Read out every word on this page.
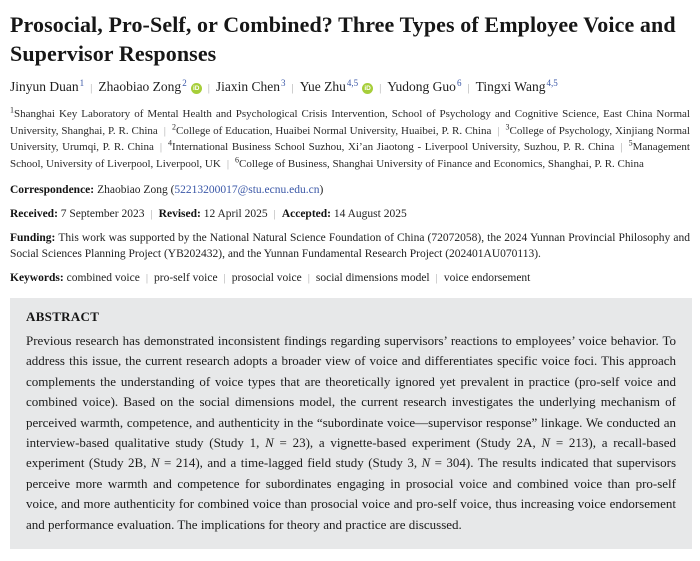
Prosocial, Pro-Self, or Combined? Three Types of Employee Voice and Supervisor Responses
Jinyun Duan$^1$ | Zhaobiao Zong$^2$iD | Jiaxin Chen$^3$ | Yue Zhu$^{4,5}$iD | Yudong Guo$^6$ | Tingxi Wang$^{4,5}$

$^1$Shanghai Key Laboratory of Mental Health and Psychological Crisis Intervention, School of Psychology and Cognitive Science, East China Normal University, Shanghai, P. R. China | $^2$College of Education, Huaibei Normal University, Huaibei, P. R. China | $^3$College of Psychology, Xinjiang Normal University, Urumqi, P. R. China | $^4$International Business School Suzhou, Xi’an Jiaotong - Liverpool University, Suzhou, P. R. China | $^5$Management School, University of Liverpool, Liverpool, UK | $^6$College of Business, Shanghai University of Finance and Economics, Shanghai, P. R. China

Correspondence: Zhaobiao Zong (52213200017@stu.ecnu.edu.cn)

Received: 7 September 2023 | Revised: 12 April 2025 | Accepted: 14 August 2025

Funding: This work was supported by the National Natural Science Foundation of China (72072058), the 2024 Yunnan Provincial Philosophy and Social Sciences Planning Project (YB202432), and the Yunnan Fundamental Research Project (202401AU070113).

Keywords: combined voice | pro-self voice | prosocial voice | social dimensions model | voice endorsement

ABSTRACT

Previous research has demonstrated inconsistent findings regarding supervisors’ reactions to employees’ voice behavior. To address this issue, the current research adopts a broader view of voice and differentiates specific voice foci. This approach complements the understanding of voice types that are theoretically ignored yet prevalent in practice (pro-self voice and combined voice). Based on the social dimensions model, the current research investigates the underlying mechanism of perceived warmth, competence, and authenticity in the “subordinate voice—supervisor response” linkage. We conducted an interview-based qualitative study (Study 1, N = 23), a vignette-based experiment (Study 2A, N = 213), a recall-based experiment (Study 2B, N = 214), and a time-lagged field study (Study 3, N = 304). The results indicated that supervisors perceive more warmth and competence for subordinates engaging in prosocial voice and combined voice than pro-self voice, and more authenticity for combined voice than prosocial voice and pro-self voice, thus increasing voice endorsement and performance evaluation. The implications for theory and practice are discussed.
